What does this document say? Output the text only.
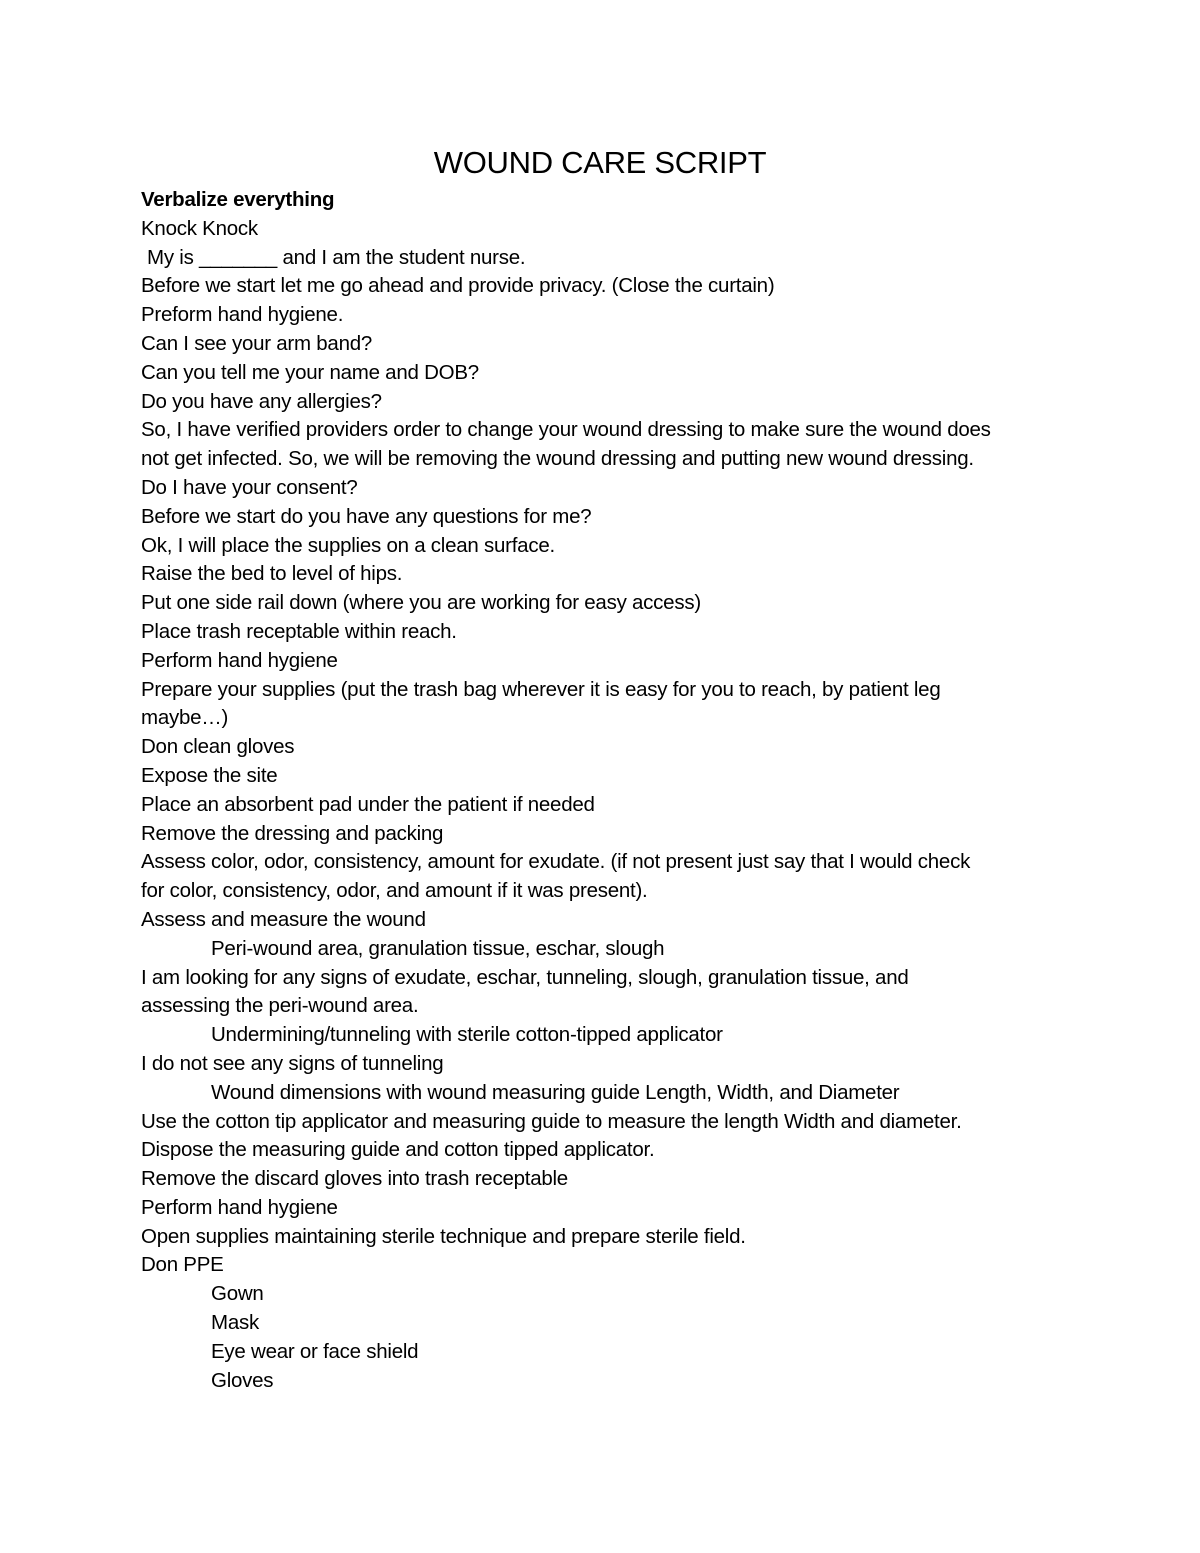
WOUND CARE SCRIPT
Verbalize everything
Knock Knock
My is _______ and I am the student nurse.
Before we start let me go ahead and provide privacy. (Close the curtain)
Preform hand hygiene.
Can I see your arm band?
Can you tell me your name and DOB?
Do you have any allergies?
So, I have verified providers order to change your wound dressing to make sure the wound does
not get infected. So, we will be removing the wound dressing and putting new wound dressing.
Do I have your consent?
Before we start do you have any questions for me?
Ok, I will place the supplies on a clean surface.
Raise the bed to level of hips.
Put one side rail down (where you are working for easy access)
Place trash receptable within reach.
Perform hand hygiene
Prepare your supplies (put the trash bag wherever it is easy for you to reach, by patient leg
maybe…)
Don clean gloves
Expose the site
Place an absorbent pad under the patient if needed
Remove the dressing and packing
Assess color, odor, consistency, amount for exudate. (if not present just say that I would check
for color, consistency, odor, and amount if it was present).
Assess and measure the wound
Peri-wound area, granulation tissue, eschar, slough
I am looking for any signs of exudate, eschar, tunneling, slough, granulation tissue, and
assessing the peri-wound area.
Undermining/tunneling with sterile cotton-tipped applicator
I do not see any signs of tunneling
Wound dimensions with wound measuring guide Length, Width, and Diameter
Use the cotton tip applicator and measuring guide to measure the length Width and diameter.
Dispose the measuring guide and cotton tipped applicator.
Remove the discard gloves into trash receptable
Perform hand hygiene
Open supplies maintaining sterile technique and prepare sterile field.
Don PPE
Gown
Mask
Eye wear or face shield
Gloves
